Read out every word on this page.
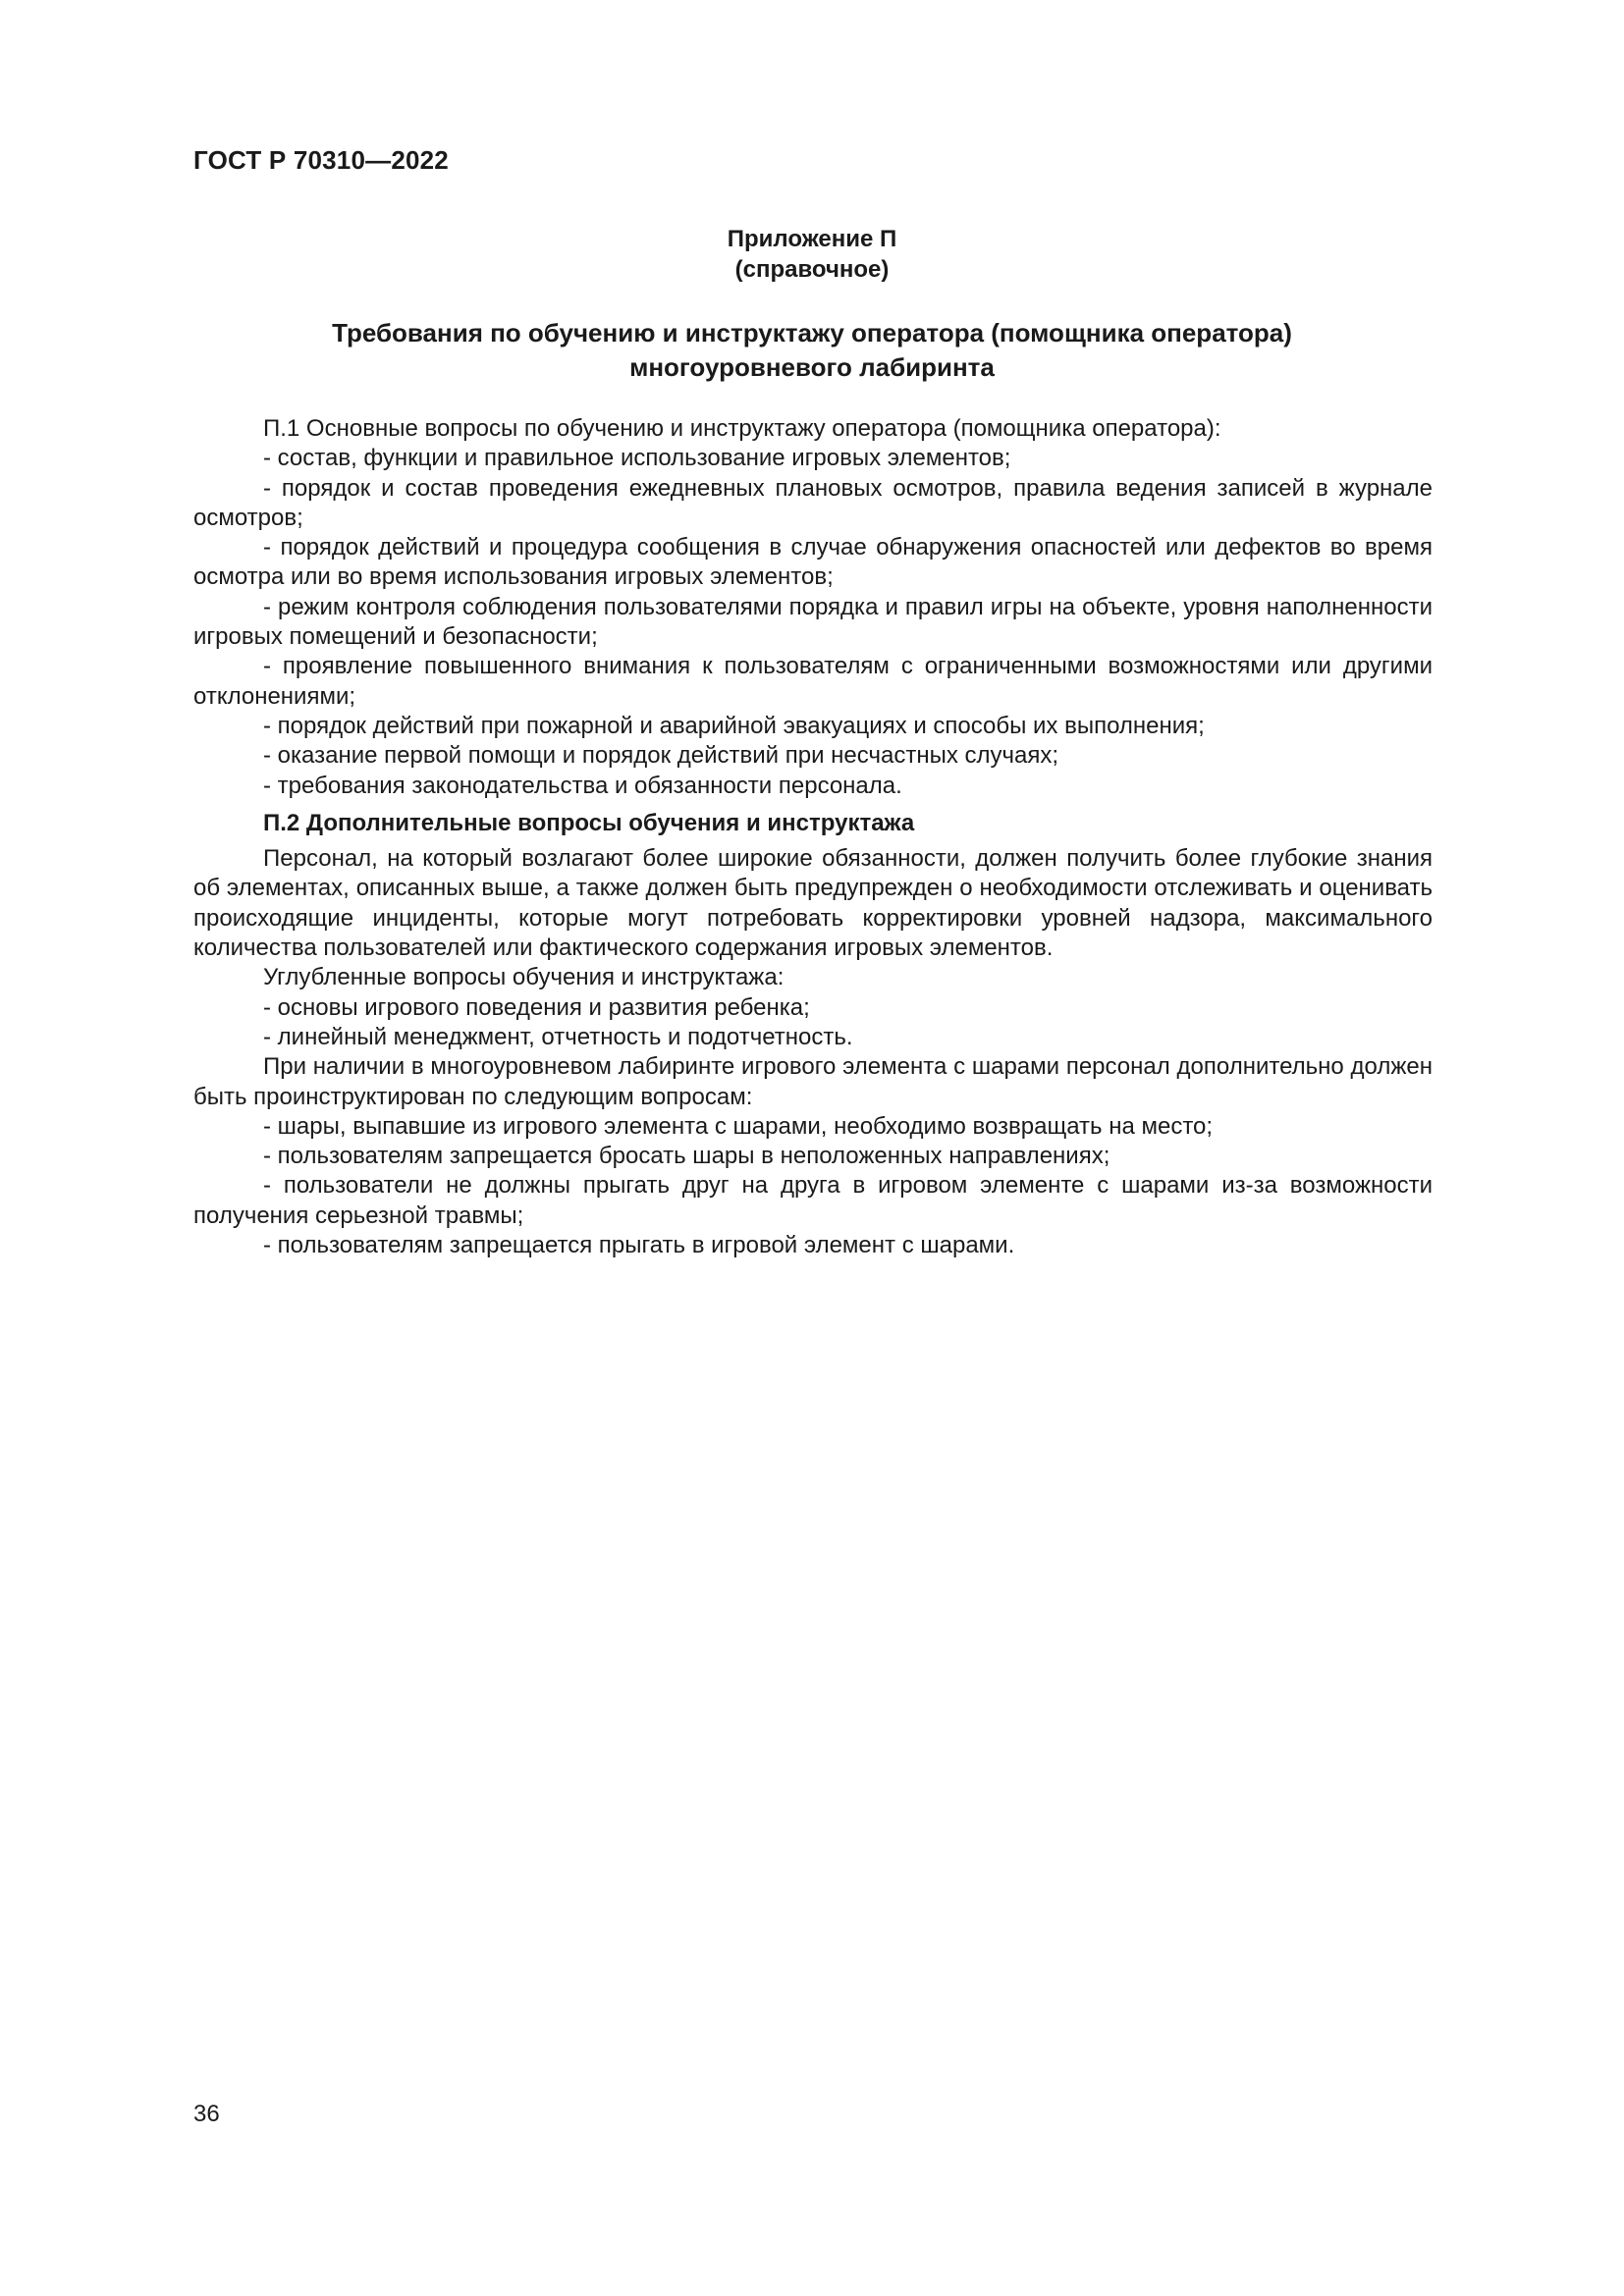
ГОСТ Р 70310—2022
Приложение П
(справочное)
Требования по обучению и инструктажу оператора (помощника оператора)
многоуровневого лабиринта

П.1 Основные вопросы по обучению и инструктажу оператора (помощника оператора):

- состав, функции и правильное использование игровых элементов;

- порядок и состав проведения ежедневных плановых осмотров, правила ведения записей в журнале осмотров;

- порядок действий и процедура сообщения в случае обнаружения опасностей или дефектов во время осмотра или во время использования игровых элементов;

- режим контроля соблюдения пользователями порядка и правил игры на объекте, уровня наполненности игровых помещений и безопасности;

- проявление повышенного внимания к пользователям с ограниченными возможностями или другими отклонениями;

- порядок действий при пожарной и аварийной эвакуациях и способы их выполнения;

- оказание первой помощи и порядок действий при несчастных случаях;

- требования законодательства и обязанности персонала.

П.2 Дополнительные вопросы обучения и инструктажа

Персонал, на который возлагают более широкие обязанности, должен получить более глубокие знания об элементах, описанных выше, а также должен быть предупрежден о необходимости отслеживать и оценивать происходящие инциденты, которые могут потребовать корректировки уровней надзора, максимального количества пользователей или фактического содержания игровых элементов.

Углубленные вопросы обучения и инструктажа:

- основы игрового поведения и развития ребенка;

- линейный менеджмент, отчетность и подотчетность.

При наличии в многоуровневом лабиринте игрового элемента с шарами персонал дополнительно должен быть проинструктирован по следующим вопросам:

- шары, выпавшие из игрового элемента с шарами, необходимо возвращать на место;

- пользователям запрещается бросать шары в неположенных направлениях;

- пользователи не должны прыгать друг на друга в игровом элементе с шарами из-за возможности получения серьезной травмы;

- пользователям запрещается прыгать в игровой элемент с шарами.

36
